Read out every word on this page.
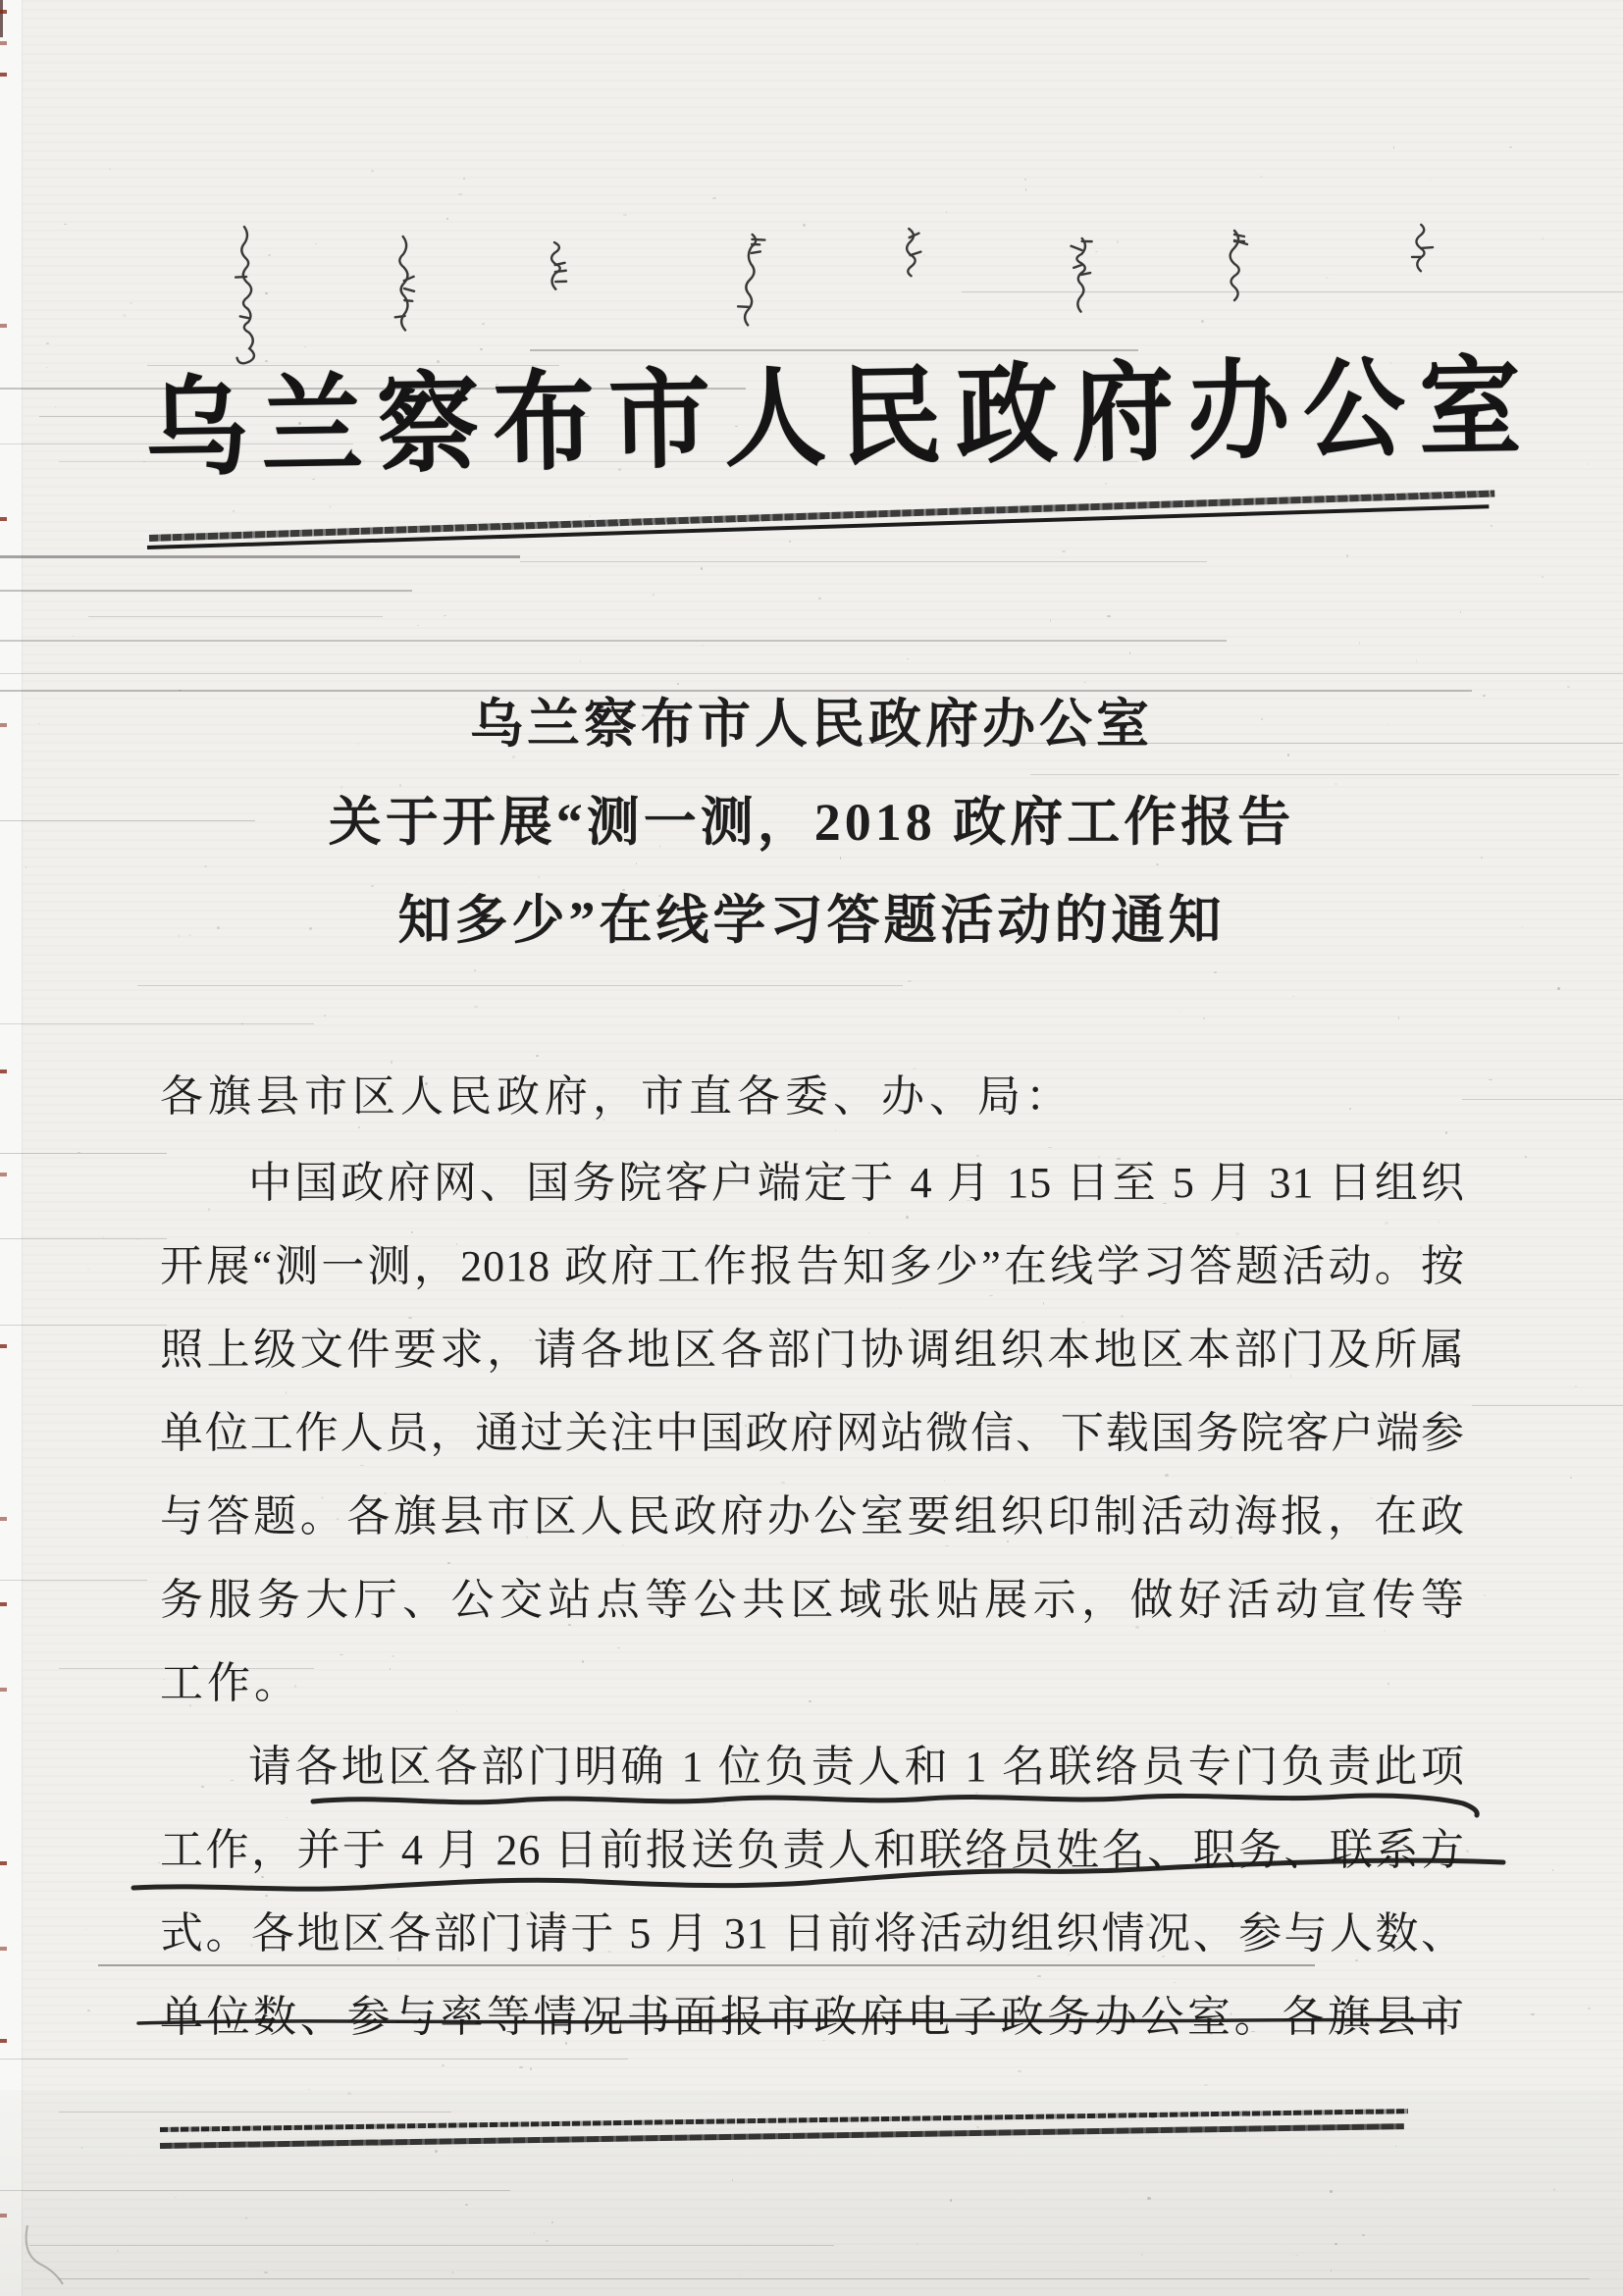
乌兰察布市人民政府办公室
乌兰察布市人民政府办公室
关于开展“测一测，2018 政府工作报告
知多少”在线学习答题活动的通知
各旗县市区人民政府，市直各委、办、局：
中国政府网、国务院客户端定于 4 月 15 日至 5 月 31 日组织
开展“测一测，2018 政府工作报告知多少”在线学习答题活动。按
照上级文件要求，请各地区各部门协调组织本地区本部门及所属
单位工作人员，通过关注中国政府网站微信、下载国务院客户端参
与答题。各旗县市区人民政府办公室要组织印制活动海报，在政
务服务大厅、公交站点等公共区域张贴展示，做好活动宣传等
工作。
请各地区各部门明确 1 位负责人和 1 名联络员专门负责此项
工作，并于 4 月 26 日前报送负责人和联络员姓名、职务、联系方
式。各地区各部门请于 5 月 31 日前将活动组织情况、参与人数、
单位数、参与率等情况书面报市政府电子政务办公室。各旗县市
